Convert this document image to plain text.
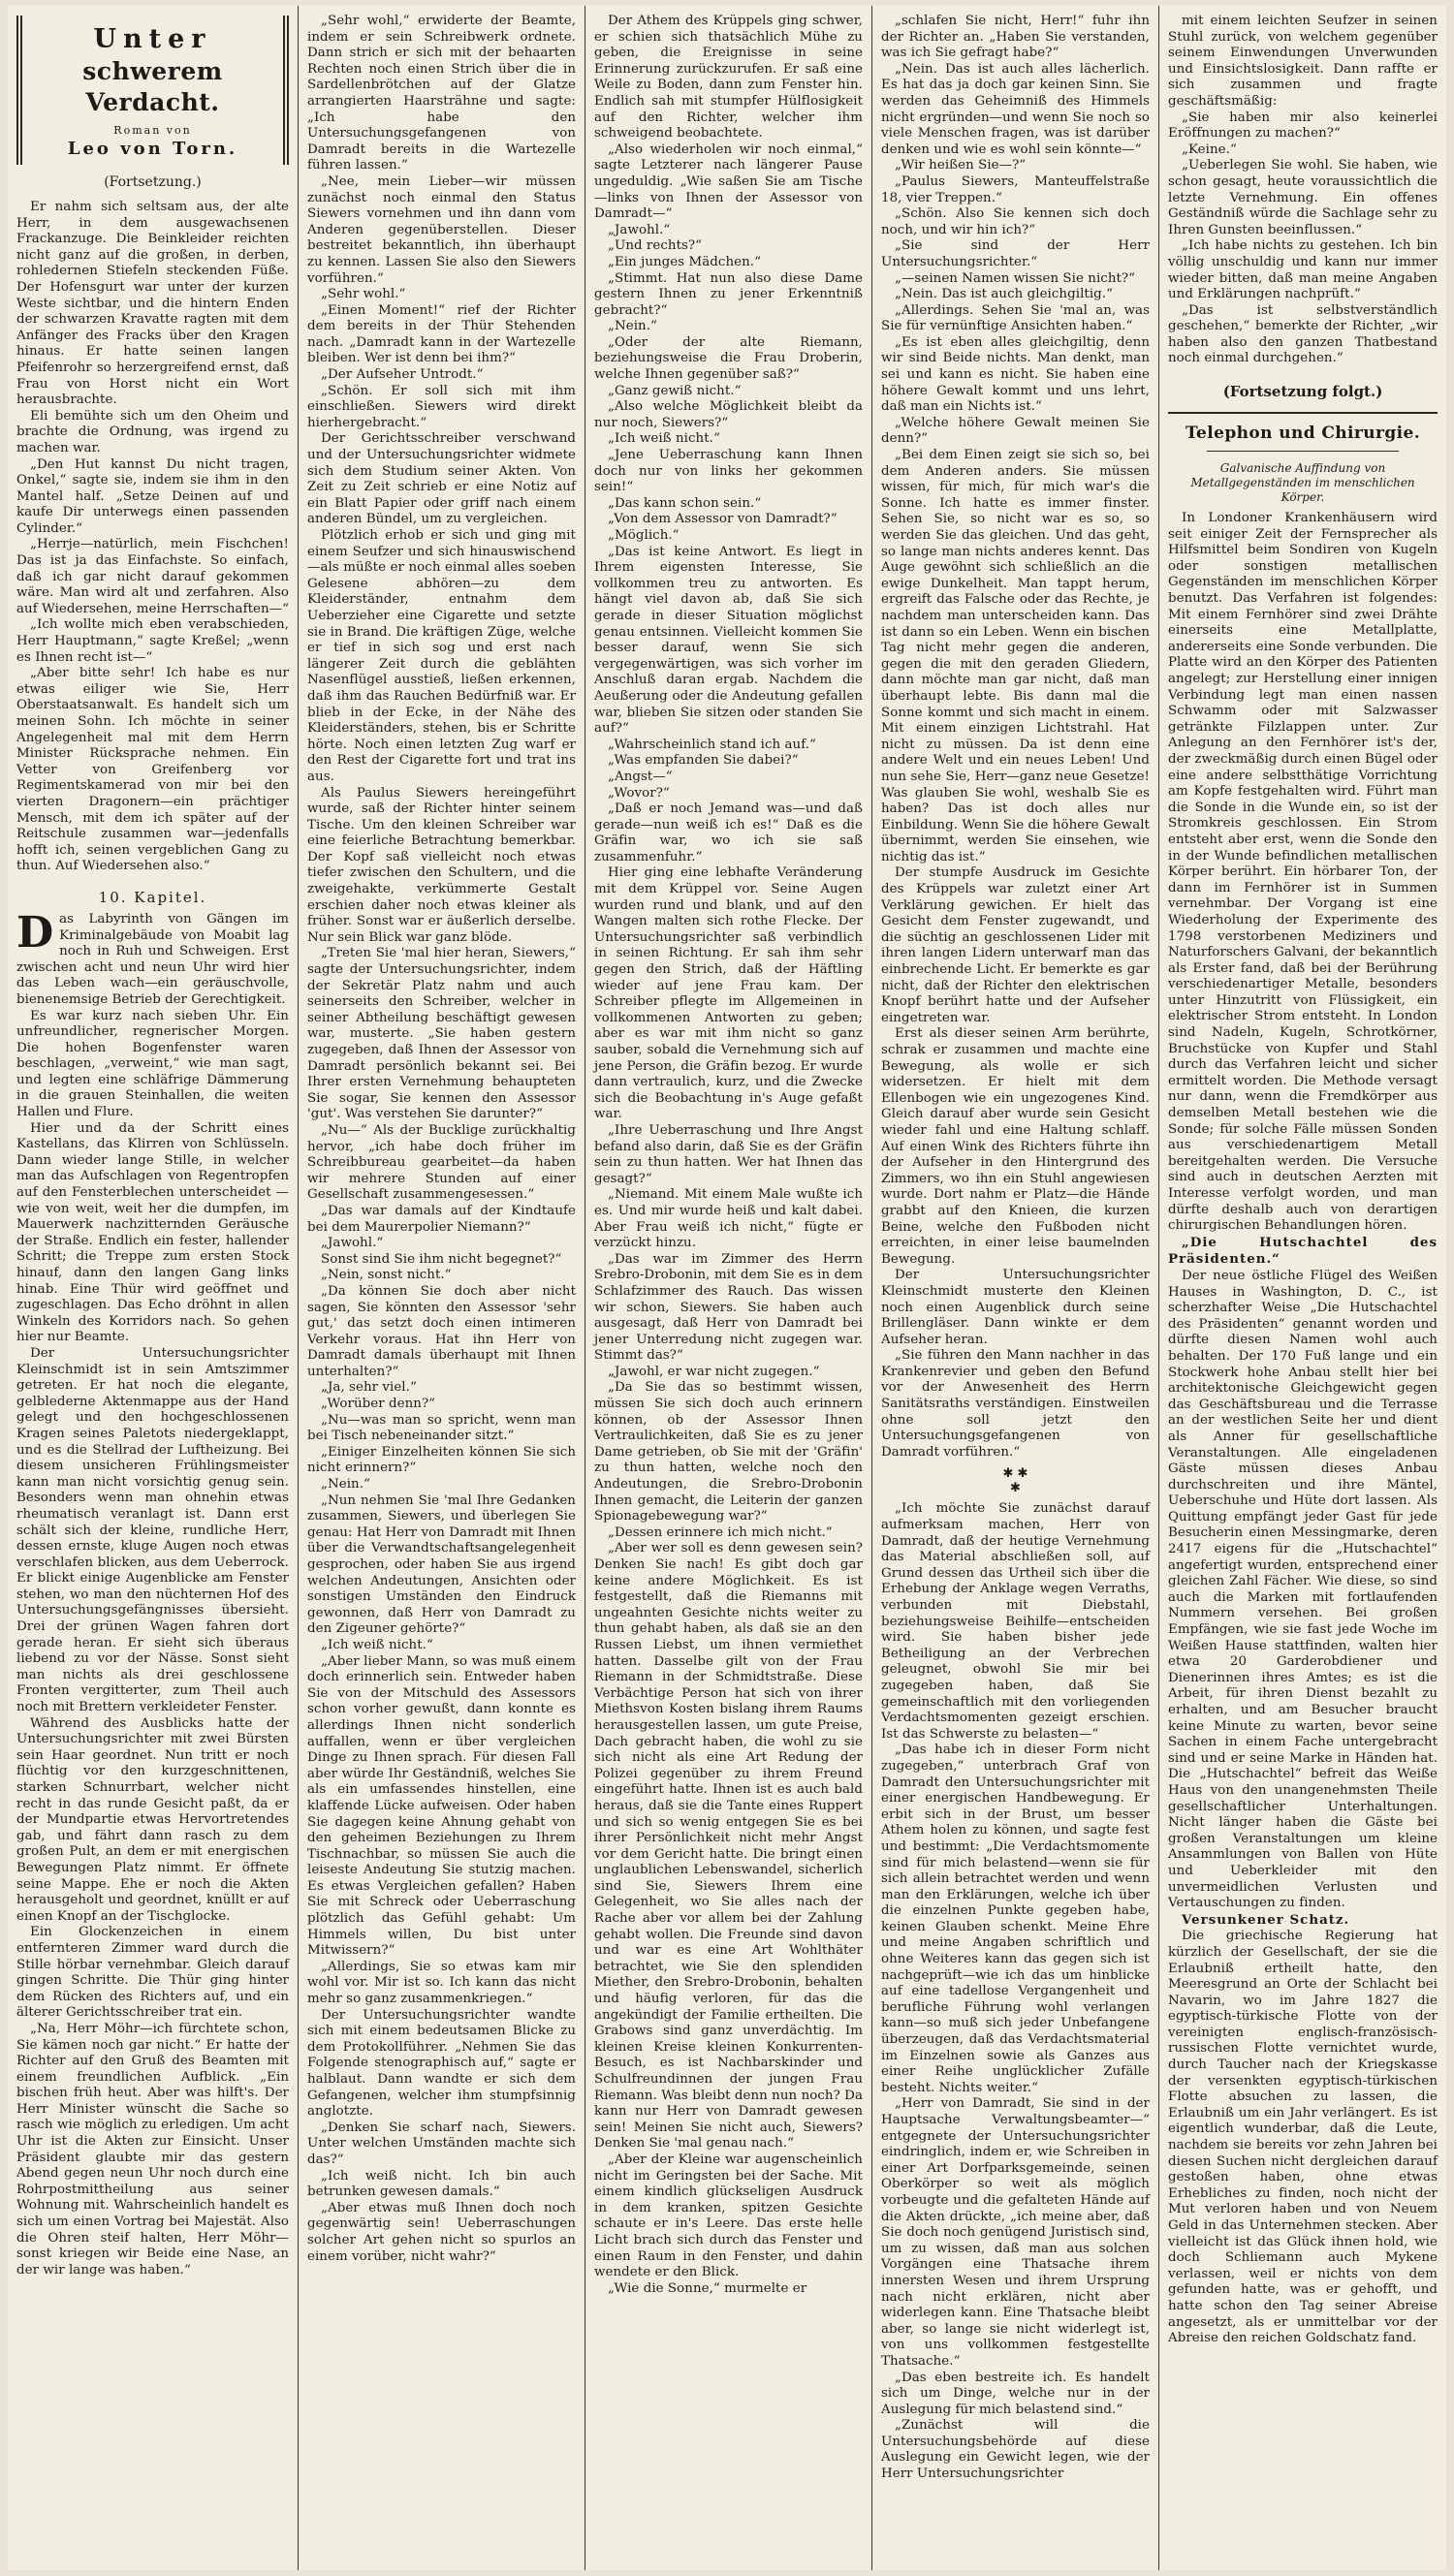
Unter
schwerem Verdacht.
Roman von
Leo von Torn.
(Fortsetzung.)

Er nahm sich seltsam aus, der alte Herr, in dem ausgewachsenen Frackanzuge. Die Beinkleider reichten nicht ganz auf die großen, in derben, rohledernen Stiefeln steckenden Füße. Der Hofensgurt war unter der kurzen Weste sichtbar, und die hintern Enden der schwarzen Kravatte ragten mit dem Anfänger des Fracks über den Kragen hinaus. Er hatte seinen langen Pfeifenrohr so herzergreifend ernst, daß Frau von Horst nicht ein Wort herausbrachte.

Eli bemühte sich um den Oheim und brachte die Ordnung, was irgend zu machen war.

„Den Hut kannst Du nicht tragen, Onkel,“ sagte sie, indem sie ihm in den Mantel half. „Setze Deinen auf und kaufe Dir unterwegs einen passenden Cylinder.“

„Herrje—natürlich, mein Fischchen! Das ist ja das Einfachste. So einfach, daß ich gar nicht darauf gekommen wäre. Man wird alt und zerfahren. Also auf Wiedersehen, meine Herrschaften—“

„Ich wollte mich eben verabschieden, Herr Hauptmann,“ sagte Kreßel; „wenn es Ihnen recht ist—“

„Aber bitte sehr! Ich habe es nur etwas eiliger wie Sie, Herr Oberstaatsanwalt. Es handelt sich um meinen Sohn. Ich möchte in seiner Angelegenheit mal mit dem Herrn Minister Rücksprache nehmen. Ein Vetter von Greifenberg vor Regimentskamerad von mir bei den vierten Dragonern—ein prächtiger Mensch, mit dem ich später auf der Reitschule zusammen war—jedenfalls hofft ich, seinen vergeblichen Gang zu thun. Auf Wiedersehen also.“

10. Kapitel.

Das Labyrinth von Gängen im Kriminalgebäude von Moabit lag noch in Ruh und Schweigen. Erst zwischen acht und neun Uhr wird hier das Leben wach—ein geräuschvolle, bienenemsige Betrieb der Gerechtigkeit.

Es war kurz nach sieben Uhr. Ein unfreundlicher, regnerischer Morgen. Die hohen Bogenfenster waren beschlagen, „verweint,“ wie man sagt, und legten eine schläfrige Dämmerung in die grauen Steinhallen, die weiten Hallen und Flure.

Hier und da der Schritt eines Kastellans, das Klirren von Schlüsseln. Dann wieder lange Stille, in welcher man das Aufschlagen von Regentropfen auf den Fensterblechen unterscheidet —wie von weit, weit her die dumpfen, im Mauerwerk nachzitternden Geräusche der Straße. Endlich ein fester, hallender Schritt; die Treppe zum ersten Stock hinauf, dann den langen Gang links hinab. Eine Thür wird geöffnet und zugeschlagen. Das Echo dröhnt in allen Winkeln des Korridors nach. So gehen hier nur Beamte.

Der Untersuchungsrichter Kleinschmidt ist in sein Amtszimmer getreten. Er hat noch die elegante, gelblederne Aktenmappe aus der Hand gelegt und den hochgeschlossenen Kragen seines Paletots niedergeklappt, und es die Stellrad der Luftheizung. Bei diesem unsicheren Frühlingsmeister kann man nicht vorsichtig genug sein. Besonders wenn man ohnehin etwas rheumatisch veranlagt ist. Dann erst schält sich der kleine, rundliche Herr, dessen ernste, kluge Augen noch etwas verschlafen blicken, aus dem Ueberrock. Er blickt einige Augenblicke am Fenster stehen, wo man den nüchternen Hof des Untersuchungsgefängnisses übersieht. Drei der grünen Wagen fahren dort gerade heran. Er sieht sich überaus liebend zu vor der Nässe. Sonst sieht man nichts als drei geschlossene Fronten vergitterter, zum Theil auch noch mit Brettern verkleideter Fenster.

Während des Ausblicks hatte der Untersuchungsrichter mit zwei Bürsten sein Haar geordnet. Nun tritt er noch flüchtig vor den kurzgeschnittenen, starken Schnurrbart, welcher nicht recht in das runde Gesicht paßt, da er der Mundpartie etwas Hervortretendes gab, und fährt dann rasch zu dem großen Pult, an dem er mit energischen Bewegungen Platz nimmt. Er öffnete seine Mappe. Ehe er noch die Akten herausgeholt und geordnet, knüllt er auf einen Knopf an der Tischglocke.

Ein Glockenzeichen in einem entfernteren Zimmer ward durch die Stille hörbar vernehmbar. Gleich darauf gingen Schritte. Die Thür ging hinter dem Rücken des Richters auf, und ein älterer Gerichtsschreiber trat ein.

„Na, Herr Möhr—ich fürchtete schon, Sie kämen noch gar nicht.“ Er hatte der Richter auf den Gruß des Beamten mit einem freundlichen Aufblick. „Ein bischen früh heut. Aber was hilft's. Der Herr Minister wünscht die Sache so rasch wie möglich zu erledigen. Um acht Uhr ist die Akten zur Einsicht. Unser Präsident glaubte mir das gestern Abend gegen neun Uhr noch durch eine Rohrpostmittheilung aus seiner Wohnung mit. Wahrscheinlich handelt es sich um einen Vortrag bei Majestät. Also die Ohren steif halten, Herr Möhr—sonst kriegen wir Beide eine Nase, an der wir lange was haben.“

„Sehr wohl,“ erwiderte der Beamte, indem er sein Schreibwerk ordnete. Dann strich er sich mit der behaarten Rechten noch einen Strich über die in Sardellenbrötchen auf der Glatze arrangierten Haarsträhne und sagte: „Ich habe den Untersuchungsgefangenen von Damradt bereits in die Wartezelle führen lassen.“

„Nee, mein Lieber—wir müssen zunächst noch einmal den Status Siewers vornehmen und ihn dann vom Anderen gegenüberstellen. Dieser bestreitet bekanntlich, ihn überhaupt zu kennen. Lassen Sie also den Siewers vorführen.“

„Sehr wohl.“

„Einen Moment!“ rief der Richter dem bereits in der Thür Stehenden nach. „Damradt kann in der Wartezelle bleiben. Wer ist denn bei ihm?“

„Der Aufseher Untrodt.“

„Schön. Er soll sich mit ihm einschließen. Siewers wird direkt hierhergebracht.“

Der Gerichtsschreiber verschwand und der Untersuchungsrichter widmete sich dem Studium seiner Akten. Von Zeit zu Zeit schrieb er eine Notiz auf ein Blatt Papier oder griff nach einem anderen Bündel, um zu vergleichen.

Plötzlich erhob er sich und ging mit einem Seufzer und sich hinauswischend—als müßte er noch einmal alles soeben Gelesene abhören—zu dem Kleiderständer, entnahm dem Ueberzieher eine Cigarette und setzte sie in Brand. Die kräftigen Züge, welche er tief in sich sog und erst nach längerer Zeit durch die geblähten Nasenflügel ausstieß, ließen erkennen, daß ihm das Rauchen Bedürfniß war. Er blieb in der Ecke, in der Nähe des Kleiderständers, stehen, bis er Schritte hörte. Noch einen letzten Zug warf er den Rest der Cigarette fort und trat ins aus.

Als Paulus Siewers hereingeführt wurde, saß der Richter hinter seinem Tische. Um den kleinen Schreiber war eine feierliche Betrachtung bemerkbar. Der Kopf saß vielleicht noch etwas tiefer zwischen den Schultern, und die zweigehakte, verkümmerte Gestalt erschien daher noch etwas kleiner als früher. Sonst war er äußerlich derselbe. Nur sein Blick war ganz blöde.

„Treten Sie 'mal hier heran, Siewers,“ sagte der Untersuchungsrichter, indem der Sekretär Platz nahm und auch seinerseits den Schreiber, welcher in seiner Abtheilung beschäftigt gewesen war, musterte. „Sie haben gestern zugegeben, daß Ihnen der Assessor von Damradt persönlich bekannt sei. Bei Ihrer ersten Vernehmung behaupteten Sie sogar, Sie kennen den Assessor 'gut'. Was verstehen Sie darunter?“

„Nu—“ Als der Bucklige zurückhaltig hervor, „ich habe doch früher im Schreibbureau gearbeitet—da haben wir mehrere Stunden auf einer Gesellschaft zusammengesessen.“

„Das war damals auf der Kindtaufe bei dem Maurerpolier Niemann?“

„Jawohl.“

Sonst sind Sie ihm nicht begegnet?“

„Nein, sonst nicht.“

„Da können Sie doch aber nicht sagen, Sie könnten den Assessor 'sehr gut,' das setzt doch einen intimeren Verkehr voraus. Hat ihn Herr von Damradt damals überhaupt mit Ihnen unterhalten?“

„Ja, sehr viel.“

„Worüber denn?“

„Nu—was man so spricht, wenn man bei Tisch nebeneinander sitzt.“

„Einiger Einzelheiten können Sie sich nicht erinnern?“

„Nein.“

„Nun nehmen Sie 'mal Ihre Gedanken zusammen, Siewers, und überlegen Sie genau: Hat Herr von Damradt mit Ihnen über die Verwandtschaftsangelegenheit gesprochen, oder haben Sie aus irgend welchen Andeutungen, Ansichten oder sonstigen Umständen den Eindruck gewonnen, daß Herr von Damradt zu den Zigeuner gehörte?“

„Ich weiß nicht.“

„Aber lieber Mann, so was muß einem doch erinnerlich sein. Entweder haben Sie von der Mitschuld des Assessors schon vorher gewußt, dann konnte es allerdings Ihnen nicht sonderlich auffallen, wenn er über vergleichen Dinge zu Ihnen sprach. Für diesen Fall aber würde Ihr Geständniß, welches Sie als ein umfassendes hinstellen, eine klaffende Lücke aufweisen. Oder haben Sie dagegen keine Ahnung gehabt von den geheimen Beziehungen zu Ihrem Tischnachbar, so müssen Sie auch die leiseste Andeutung Sie stutzig machen. Es etwas Vergleichen gefallen? Haben Sie mit Schreck oder Ueberraschung plötzlich das Gefühl gehabt: Um Himmels willen, Du bist unter Mitwissern?“

„Allerdings, Sie so etwas kam mir wohl vor. Mir ist so. Ich kann das nicht mehr so ganz zusammenkriegen.“

Der Untersuchungsrichter wandte sich mit einem bedeutsamen Blicke zu dem Protokollführer. „Nehmen Sie das Folgende stenographisch auf,“ sagte er halblaut. Dann wandte er sich dem Gefangenen, welcher ihm stumpfsinnig anglotzte.

„Denken Sie scharf nach, Siewers. Unter welchen Umständen machte sich das?“

„Ich weiß nicht. Ich bin auch betrunken gewesen damals.“

„Aber etwas muß Ihnen doch noch gegenwärtig sein! Ueberraschungen solcher Art gehen nicht so spurlos an einem vorüber, nicht wahr?“

Der Athem des Krüppels ging schwer, er schien sich thatsächlich Mühe zu geben, die Ereignisse in seine Erinnerung zurückzurufen. Er saß eine Weile zu Boden, dann zum Fenster hin. Endlich sah mit stumpfer Hülflosigkeit auf den Richter, welcher ihm schweigend beobachtete.

„Also wiederholen wir noch einmal,“ sagte Letzterer nach längerer Pause ungeduldig. „Wie saßen Sie am Tische —links von Ihnen der Assessor von Damradt—“

„Jawohl.“

„Und rechts?“

„Ein junges Mädchen.“

„Stimmt. Hat nun also diese Dame gestern Ihnen zu jener Erkenntniß gebracht?“

„Nein.“

„Oder der alte Riemann, beziehungsweise die Frau Droberin, welche Ihnen gegenüber saß?“

„Ganz gewiß nicht.“

„Also welche Möglichkeit bleibt da nur noch, Siewers?“

„Ich weiß nicht.“

„Jene Ueberraschung kann Ihnen doch nur von links her gekommen sein!“

„Das kann schon sein.“

„Von dem Assessor von Damradt?“

„Möglich.“

„Das ist keine Antwort. Es liegt in Ihrem eigensten Interesse, Sie vollkommen treu zu antworten. Es hängt viel davon ab, daß Sie sich gerade in dieser Situation möglichst genau entsinnen. Vielleicht kommen Sie besser darauf, wenn Sie sich vergegenwärtigen, was sich vorher im Anschluß daran ergab. Nachdem die Aeußerung oder die Andeutung gefallen war, blieben Sie sitzen oder standen Sie auf?“

„Wahrscheinlich stand ich auf.“

„Was empfanden Sie dabei?“

„Angst—“

„Wovor?“

„Daß er noch Jemand was—und daß gerade—nun weiß ich es!“ Daß es die Gräfin war, wo ich sie saß zusammenfuhr.“

Hier ging eine lebhafte Veränderung mit dem Krüppel vor. Seine Augen wurden rund und blank, und auf den Wangen malten sich rothe Flecke. Der Untersuchungsrichter saß verbindlich in seinen Richtung. Er sah ihm sehr gegen den Strich, daß der Häftling wieder auf jene Frau kam. Der Schreiber pflegte im Allgemeinen in vollkommenen Antworten zu geben; aber es war mit ihm nicht so ganz sauber, sobald die Vernehmung sich auf jene Person, die Gräfin bezog. Er wurde dann vertraulich, kurz, und die Zwecke sich die Beobachtung in's Auge gefaßt war.

„Ihre Ueberraschung und Ihre Angst befand also darin, daß Sie es der Gräfin sein zu thun hatten. Wer hat Ihnen das gesagt?“

„Niemand. Mit einem Male wußte ich es. Und mir wurde heiß und kalt dabei. Aber Frau weiß ich nicht,“ fügte er verzückt hinzu.

„Das war im Zimmer des Herrn Srebro-Drobonin, mit dem Sie es in dem Schlafzimmer des Rauch. Das wissen wir schon, Siewers. Sie haben auch ausgesagt, daß Herr von Damradt bei jener Unterredung nicht zugegen war. Stimmt das?“

„Jawohl, er war nicht zugegen.“

„Da Sie das so bestimmt wissen, müssen Sie sich doch auch erinnern können, ob der Assessor Ihnen Vertraulichkeiten, daß Sie es zu jener Dame getrieben, ob Sie mit der 'Gräfin' zu thun hatten, welche noch den Andeutungen, die Srebro-Drobonin Ihnen gemacht, die Leiterin der ganzen Spionagebewegung war?“

„Dessen erinnere ich mich nicht.“

„Aber wer soll es denn gewesen sein? Denken Sie nach! Es gibt doch gar keine andere Möglichkeit. Es ist festgestellt, daß die Riemanns mit ungeahnten Gesichte nichts weiter zu thun gehabt haben, als daß sie an den Russen Liebst, um ihnen vermiethet hatten. Dasselbe gilt von der Frau Riemann in der Schmidtstraße. Diese Verbächtige Person hat sich von ihrer Miethsvon Kosten bislang ihrem Raums herausgestellen lassen, um gute Preise, Dach gebracht haben, die wohl zu sie sich nicht als eine Art Redung der Polizei gegenüber zu ihrem Freund eingeführt hatte. Ihnen ist es auch bald heraus, daß sie die Tante eines Ruppert und sich so wenig entgegen Sie es bei ihrer Persönlichkeit nicht mehr Angst vor dem Gericht hatte. Die bringt einen unglaublichen Lebenswandel, sicherlich sind Sie, Siewers Ihrem eine Gelegenheit, wo Sie alles nach der Rache aber vor allem bei der Zahlung gehabt wollen. Die Freunde sind davon und war es eine Art Wohlthäter betrachtet, wie Sie den splendiden Miether, den Srebro-Drobonin, behalten und häufig verloren, für das die angekündigt der Familie ertheilten. Die Grabows sind ganz unverdächtig. Im kleinen Kreise kleinen Konkurrenten-Besuch, es ist Nachbarskinder und Schulfreundinnen der jungen Frau Riemann. Was bleibt denn nun noch? Da kann nur Herr von Damradt gewesen sein! Meinen Sie nicht auch, Siewers? Denken Sie 'mal genau nach.“

„Aber der Kleine war augenscheinlich nicht im Geringsten bei der Sache. Mit einem kindlich glückseligen Ausdruck in dem kranken, spitzen Gesichte schaute er in's Leere. Das erste helle Licht brach sich durch das Fenster und einen Raum in den Fenster, und dahin wendete er den Blick.

„Wie die Sonne,“ murmelte er

„schlafen Sie nicht, Herr!“ fuhr ihn der Richter an. „Haben Sie verstanden, was ich Sie gefragt habe?“

„Nein. Das ist auch alles lächerlich. Es hat das ja doch gar keinen Sinn. Sie werden das Geheimniß des Himmels nicht ergründen—und wenn Sie noch so viele Menschen fragen, was ist darüber denken und wie es wohl sein könnte—“

„Wir heißen Sie—?“

„Paulus Siewers, Manteuffelstraße 18, vier Treppen.“

„Schön. Also Sie kennen sich doch noch, und wir hin ich?“

„Sie sind der Herr Untersuchungsrichter.“

„—seinen Namen wissen Sie nicht?“

„Nein. Das ist auch gleichgiltig.“

„Allerdings. Sehen Sie 'mal an, was Sie für vernünftige Ansichten haben.“

„Es ist eben alles gleichgiltig, denn wir sind Beide nichts. Man denkt, man sei und kann es nicht. Sie haben eine höhere Gewalt kommt und uns lehrt, daß man ein Nichts ist.“

„Welche höhere Gewalt meinen Sie denn?“

„Bei dem Einen zeigt sie sich so, bei dem Anderen anders. Sie müssen wissen, für mich, für mich war's die Sonne. Ich hatte es immer finster. Sehen Sie, so nicht war es so, so werden Sie das gleichen. Und das geht, so lange man nichts anderes kennt. Das Auge gewöhnt sich schließlich an die ewige Dunkelheit. Man tappt herum, ergreift das Falsche oder das Rechte, je nachdem man unterscheiden kann. Das ist dann so ein Leben. Wenn ein bischen Tag nicht mehr gegen die anderen, gegen die mit den geraden Gliedern, dann möchte man gar nicht, daß man überhaupt lebte. Bis dann mal die Sonne kommt und sich macht in einem. Mit einem einzigen Lichtstrahl. Hat nicht zu müssen. Da ist denn eine andere Welt und ein neues Leben! Und nun sehe Sie, Herr—ganz neue Gesetze! Was glauben Sie wohl, weshalb Sie es haben? Das ist doch alles nur Einbildung. Wenn Sie die höhere Gewalt übernimmt, werden Sie einsehen, wie nichtig das ist.“

Der stumpfe Ausdruck im Gesichte des Krüppels war zuletzt einer Art Verklärung gewichen. Er hielt das Gesicht dem Fenster zugewandt, und die süchtig an geschlossenen Lider mit ihren langen Lidern unterwarf man das einbrechende Licht. Er bemerkte es gar nicht, daß der Richter den elektrischen Knopf berührt hatte und der Aufseher eingetreten war.

Erst als dieser seinen Arm berührte, schrak er zusammen und machte eine Bewegung, als wolle er sich widersetzen. Er hielt mit dem Ellenbogen wie ein ungezogenes Kind. Gleich darauf aber wurde sein Gesicht wieder fahl und eine Haltung schlaff. Auf einen Wink des Richters führte ihn der Aufseher in den Hintergrund des Zimmers, wo ihn ein Stuhl angewiesen wurde. Dort nahm er Platz—die Hände grabbt auf den Knieen, die kurzen Beine, welche den Fußboden nicht erreichten, in einer leise baumelnden Bewegung.

Der Untersuchungsrichter Kleinschmidt musterte den Kleinen noch einen Augenblick durch seine Brillengläser. Dann winkte er dem Aufseher heran.

„Sie führen den Mann nachher in das Krankenrevier und geben den Befund vor der Anwesenheit des Herrn Sanitätsraths verständigen. Einstweilen ohne soll jetzt den Untersuchungsgefangenen von Damradt vorführen.“

✱ ✱
✱

„Ich möchte Sie zunächst darauf aufmerksam machen, Herr von Damradt, daß der heutige Vernehmung das Material abschließen soll, auf Grund dessen das Urtheil sich über die Erhebung der Anklage wegen Verraths, verbunden mit Diebstahl, beziehungsweise Beihilfe—entscheiden wird. Sie haben bisher jede Betheiligung an der Verbrechen geleugnet, obwohl Sie mir bei zugegeben haben, daß Sie gemeinschaftlich mit den vorliegenden Verdachtsmomenten gezeigt erschien. Ist das Schwerste zu belasten—“

„Das habe ich in dieser Form nicht zugegeben,“ unterbrach Graf von Damradt den Untersuchungsrichter mit einer energischen Handbewegung. Er erbit sich in der Brust, um besser Athem holen zu können, und sagte fest und bestimmt: „Die Verdachtsmomente sind für mich belastend—wenn sie für sich allein betrachtet werden und wenn man den Erklärungen, welche ich über die einzelnen Punkte gegeben habe, keinen Glauben schenkt. Meine Ehre und meine Angaben schriftlich und ohne Weiteres kann das gegen sich ist nachgeprüft—wie ich das um hinblicke auf eine tadellose Vergangenheit und berufliche Führung wohl verlangen kann—so muß sich jeder Unbefangene überzeugen, daß das Verdachtsmaterial im Einzelnen sowie als Ganzes aus einer Reihe unglücklicher Zufälle besteht. Nichts weiter.“

„Herr von Damradt, Sie sind in der Hauptsache Verwaltungsbeamter—“ entgegnete der Untersuchungsrichter eindringlich, indem er, wie Schreiben in einer Art Dorfparksgemeinde, seinen Oberkörper so weit als möglich vorbeugte und die gefalteten Hände auf die Akten drückte, „ich meine aber, daß Sie doch noch genügend Juristisch sind, um zu wissen, daß man aus solchen Vorgängen eine Thatsache ihrem innersten Wesen und ihrem Ursprung nach nicht erklären, nicht aber widerlegen kann. Eine Thatsache bleibt aber, so lange sie nicht widerlegt ist, von uns vollkommen festgestellte Thatsache.“

„Das eben bestreite ich. Es handelt sich um Dinge, welche nur in der Auslegung für mich belastend sind.“

„Zunächst will die Untersuchungsbehörde auf diese Auslegung ein Gewicht legen, wie der Herr Untersuchungsrichter

mit einem leichten Seufzer in seinen Stuhl zurück, von welchem gegenüber seinem Einwendungen Unverwunden und Einsichtslosigkeit. Dann raffte er sich zusammen und fragte geschäftsmäßig:

„Sie haben mir also keinerlei Eröffnungen zu machen?“

„Keine.“

„Ueberlegen Sie wohl. Sie haben, wie schon gesagt, heute voraussichtlich die letzte Vernehmung. Ein offenes Geständniß würde die Sachlage sehr zu Ihren Gunsten beeinflussen.“

„Ich habe nichts zu gestehen. Ich bin völlig unschuldig und kann nur immer wieder bitten, daß man meine Angaben und Erklärungen nachprüft.“

„Das ist selbstverständlich geschehen,“ bemerkte der Richter, „wir haben also den ganzen Thatbestand noch einmal durchgehen.“

(Fortsetzung folgt.)
Telephon und Chirurgie.
Galvanische Auffindung von Metallgegenständen im menschlichen Körper.

In Londoner Krankenhäusern wird seit einiger Zeit der Fernsprecher als Hilfsmittel beim Sondiren von Kugeln oder sonstigen metallischen Gegenständen im menschlichen Körper benutzt. Das Verfahren ist folgendes: Mit einem Fernhörer sind zwei Drähte einerseits eine Metallplatte, andererseits eine Sonde verbunden. Die Platte wird an den Körper des Patienten angelegt; zur Herstellung einer innigen Verbindung legt man einen nassen Schwamm oder mit Salzwasser getränkte Filzlappen unter. Zur Anlegung an den Fernhörer ist's der, der zweckmäßig durch einen Bügel oder eine andere selbstthätige Vorrichtung am Kopfe festgehalten wird. Führt man die Sonde in die Wunde ein, so ist der Stromkreis geschlossen. Ein Strom entsteht aber erst, wenn die Sonde den in der Wunde befindlichen metallischen Körper berührt. Ein hörbarer Ton, der dann im Fernhörer ist in Summen vernehmbar. Der Vorgang ist eine Wiederholung der Experimente des 1798 verstorbenen Mediziners und Naturforschers Galvani, der bekanntlich als Erster fand, daß bei der Berührung verschiedenartiger Metalle, besonders unter Hinzutritt von Flüssigkeit, ein elektrischer Strom entsteht. In London sind Nadeln, Kugeln, Schrotkörner, Bruchstücke von Kupfer und Stahl durch das Verfahren leicht und sicher ermittelt worden. Die Methode versagt nur dann, wenn die Fremdkörper aus demselben Metall bestehen wie die Sonde; für solche Fälle müssen Sonden aus verschiedenartigem Metall bereitgehalten werden. Die Versuche sind auch in deutschen Aerzten mit Interesse verfolgt worden, und man dürfte deshalb auch von derartigen chirurgischen Behandlungen hören.

„Die Hutschachtel des Präsidenten.“

Der neue östliche Flügel des Weißen Hauses in Washington, D. C., ist scherzhafter Weise „Die Hutschachtel des Präsidenten“ genannt worden und dürfte diesen Namen wohl auch behalten. Der 170 Fuß lange und ein Stockwerk hohe Anbau stellt hier bei architektonische Gleichgewicht gegen das Geschäftsbureau und die Terrasse an der westlichen Seite her und dient als Anner für gesellschaftliche Veranstaltungen. Alle eingeladenen Gäste müssen dieses Anbau durchschreiten und ihre Mäntel, Ueberschuhe und Hüte dort lassen. Als Quittung empfängt jeder Gast für jede Besucherin einen Messingmarke, deren 2417 eigens für die „Hutschachtel“ angefertigt wurden, entsprechend einer gleichen Zahl Fächer. Wie diese, so sind auch die Marken mit fortlaufenden Nummern versehen. Bei großen Empfängen, wie sie fast jede Woche im Weißen Hause stattfinden, walten hier etwa 20 Garderobdiener und Dienerinnen ihres Amtes; es ist die Arbeit, für ihren Dienst bezahlt zu erhalten, und am Besucher braucht keine Minute zu warten, bevor seine Sachen in einem Fache untergebracht sind und er seine Marke in Händen hat. Die „Hutschachtel“ befreit das Weiße Haus von den unangenehmsten Theile gesellschaftlicher Unterhaltungen. Nicht länger haben die Gäste bei großen Veranstaltungen um kleine Ansammlungen von Ballen von Hüte und Ueberkleider mit den unvermeidlichen Verlusten und Vertauschungen zu finden.

Versunkener Schatz.

Die griechische Regierung hat kürzlich der Gesellschaft, der sie die Erlaubniß ertheilt hatte, den Meeresgrund an Orte der Schlacht bei Navarin, wo im Jahre 1827 die egyptisch-türkische Flotte von der vereinigten englisch-französisch-russischen Flotte vernichtet wurde, durch Taucher nach der Kriegskasse der versenkten egyptisch-türkischen Flotte absuchen zu lassen, die Erlaubniß um ein Jahr verlängert. Es ist eigentlich wunderbar, daß die Leute, nachdem sie bereits vor zehn Jahren bei diesen Suchen nicht dergleichen darauf gestoßen haben, ohne etwas Erhebliches zu finden, noch nicht der Mut verloren haben und von Neuem Geld in das Unternehmen stecken. Aber vielleicht ist das Glück ihnen hold, wie doch Schliemann auch Mykene verlassen, weil er nichts von dem gefunden hatte, was er gehofft, und hatte schon den Tag seiner Abreise angesetzt, als er unmittelbar vor der Abreise den reichen Goldschatz fand.
